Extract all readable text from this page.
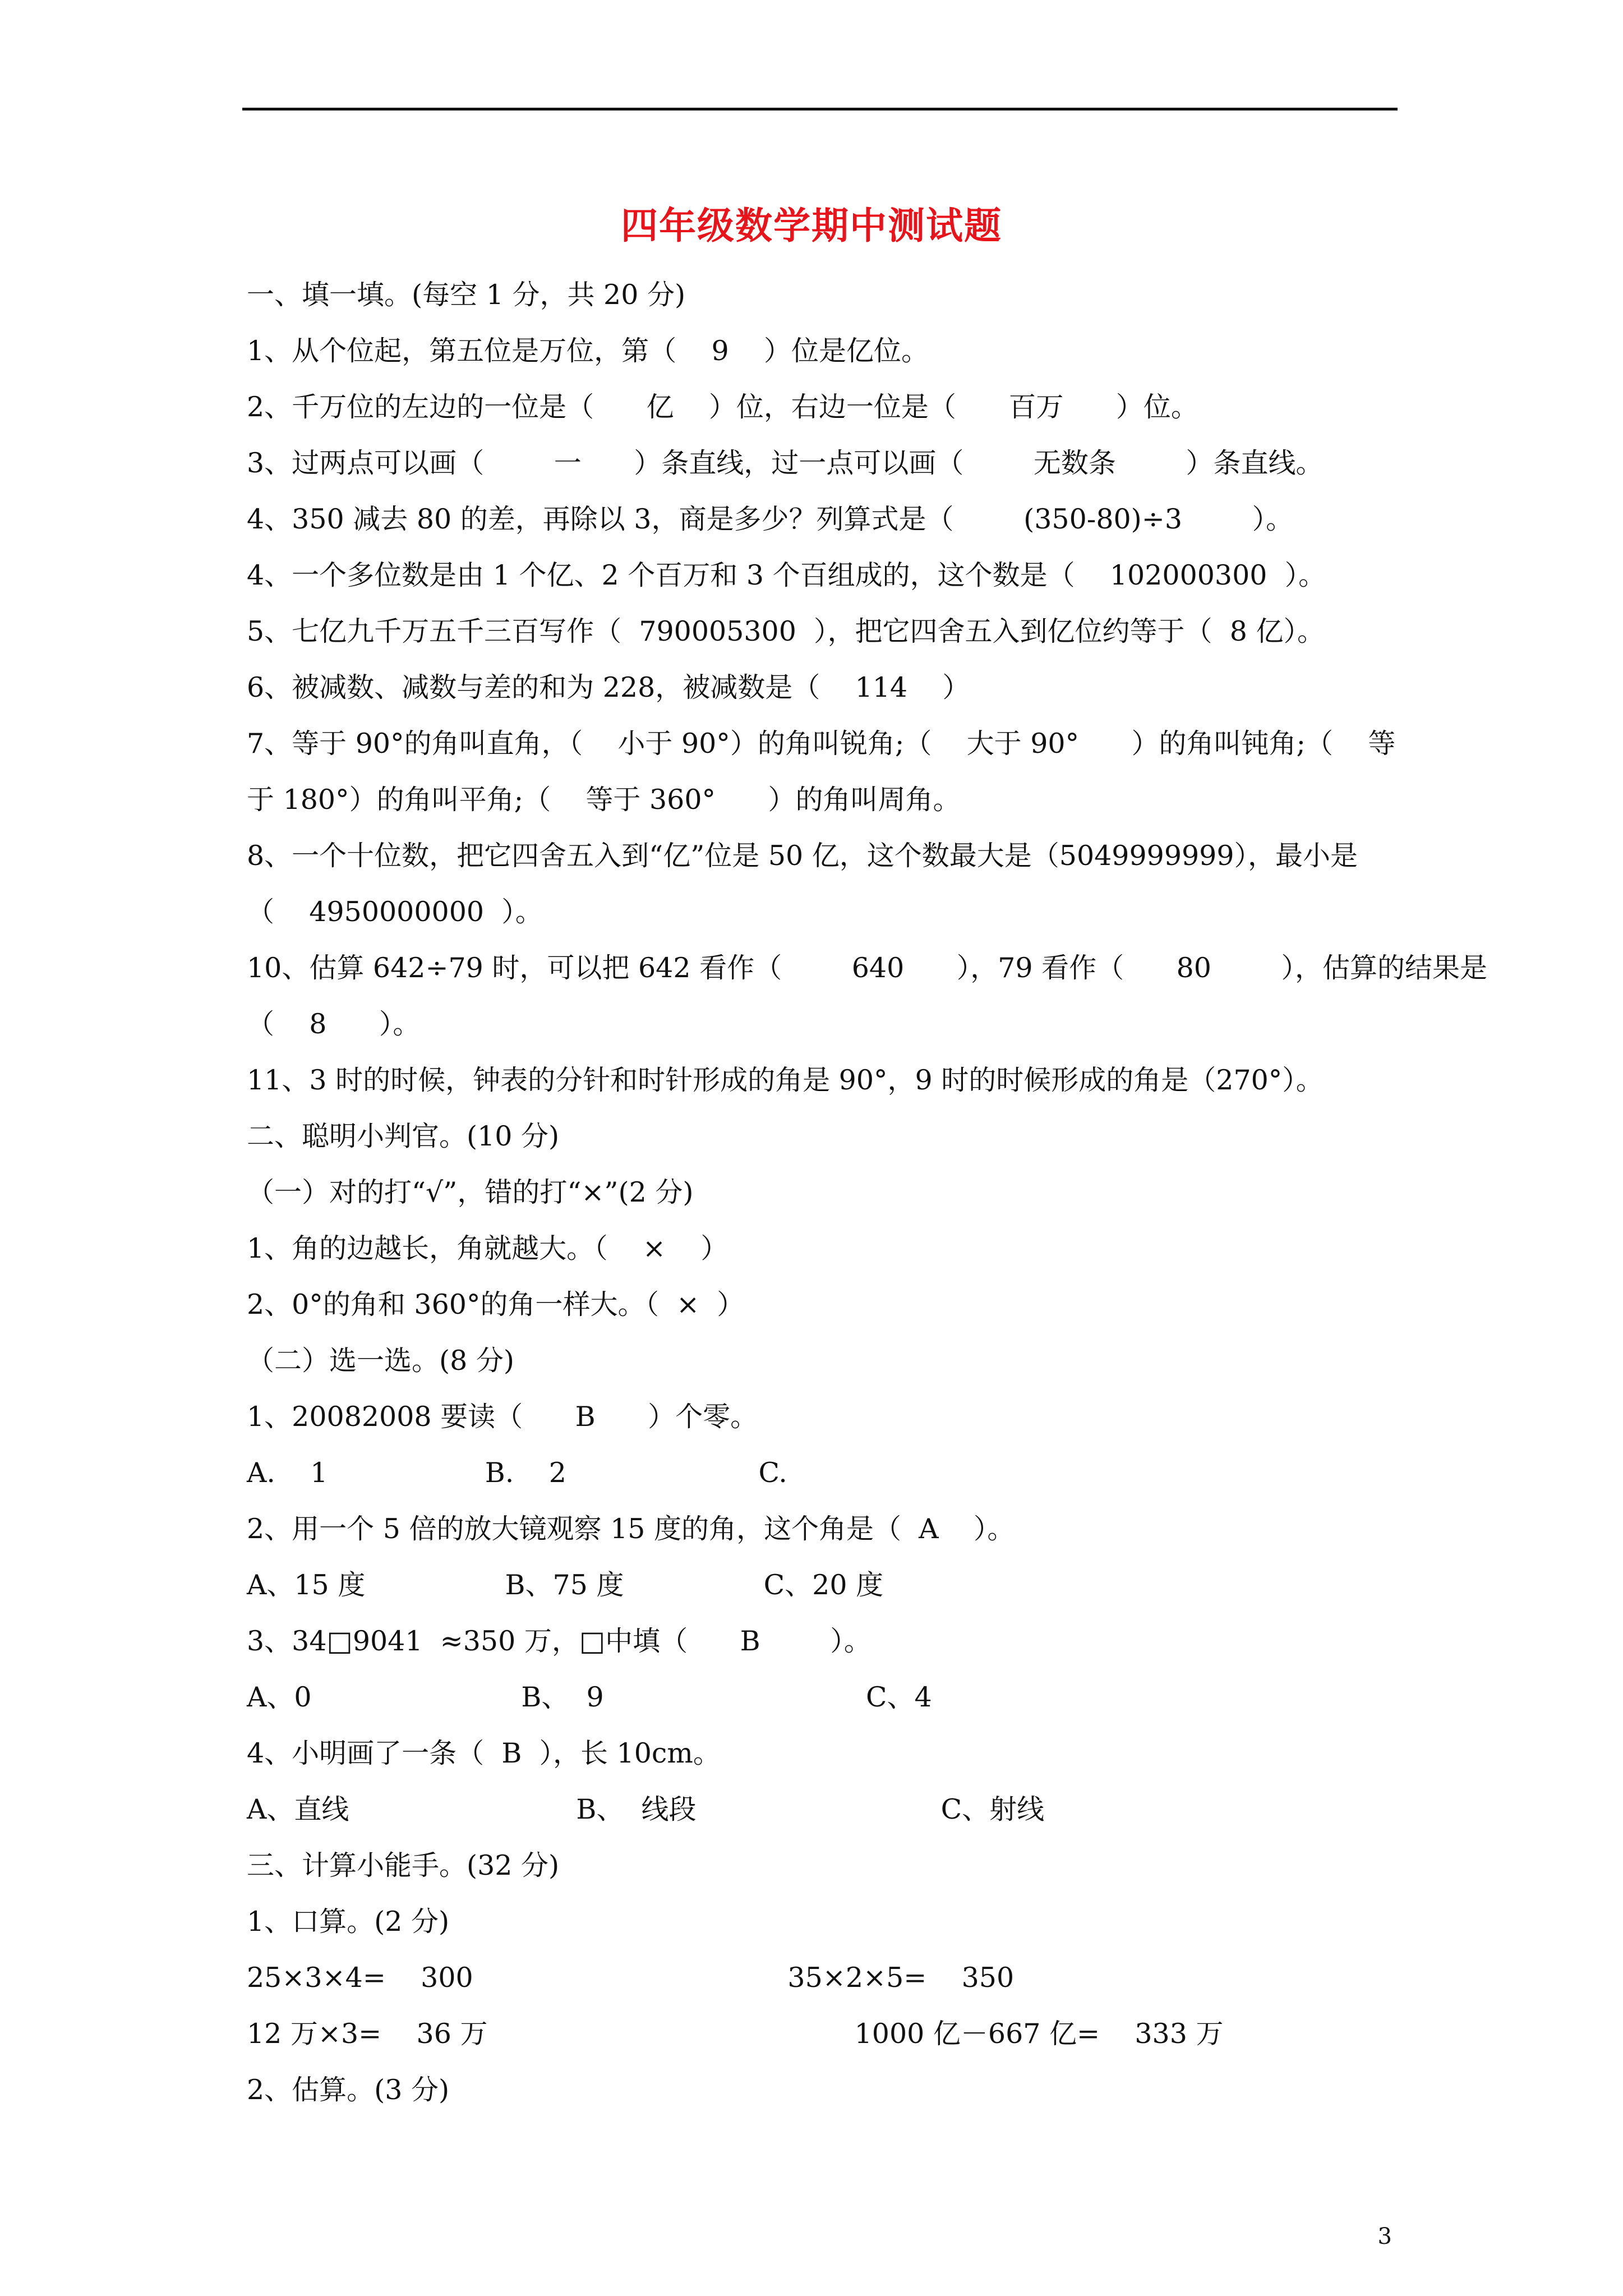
四年级数学期中测试题
一、填一填。(每空 1 分，共 20 分)
1、从个位起，第五位是万位，第（    9    ）位是亿位。
2、千万位的左边的一位是（      亿    ）位，右边一位是（      百万      ）位。
3、过两点可以画（        一      ）条直线，过一点可以画（        无数条        ）条直线。
4、350 减去 80 的差，再除以 3，商是多少？列算式是（        (350-80)÷3        ）。
4、一个多位数是由 1 个亿、2 个百万和 3 个百组成的，这个数是（    102000300  ）。
5、七亿九千万五千三百写作（  790005300  ），把它四舍五入到亿位约等于（  8 亿）。
6、被减数、减数与差的和为 228，被减数是（    114    ）
7、等于 90°的角叫直角，（    小于 90°）的角叫锐角;（    大于 90°      ）的角叫钝角;（    等
于 180°）的角叫平角;（    等于 360°      ）的角叫周角。
8、一个十位数，把它四舍五入到“亿”位是 50 亿，这个数最大是（5049999999），最小是
（    4950000000  ）。
10、估算 642÷79 时，可以把 642 看作（        640      ），79 看作（      80        ），估算的结果是
（    8      ）。
11、3 时的时候，钟表的分针和时针形成的角是 90°，9 时的时候形成的角是（270°）。
二、聪明小判官。(10 分)
（一）对的打“√”，错的打“×”(2 分)
1、角的边越长，角就越大。（    ×    ）
2、0°的角和 360°的角一样大。（  ×  ）
（二）选一选。(8 分)
1、20082008 要读（      B      ）个零。
A.    1                  B.    2                      C.
2、用一个 5 倍的放大镜观察 15 度的角，这个角是（  A    ）。
A、15 度                B、75 度                C、20 度
3、34□9041  ≈350 万，□中填（      B        ）。
A、0                        B、  9                              C、4
4、小明画了一条（  B  ），长 10cm。
A、直线                          B、  线段                            C、射线
三、计算小能手。(32 分)
1、口算。(2 分)
25×3×4=    300                                    35×2×5=    350
12 万×3=    36 万                                          1000 亿－667 亿=    333 万
2、估算。(3 分)
3
